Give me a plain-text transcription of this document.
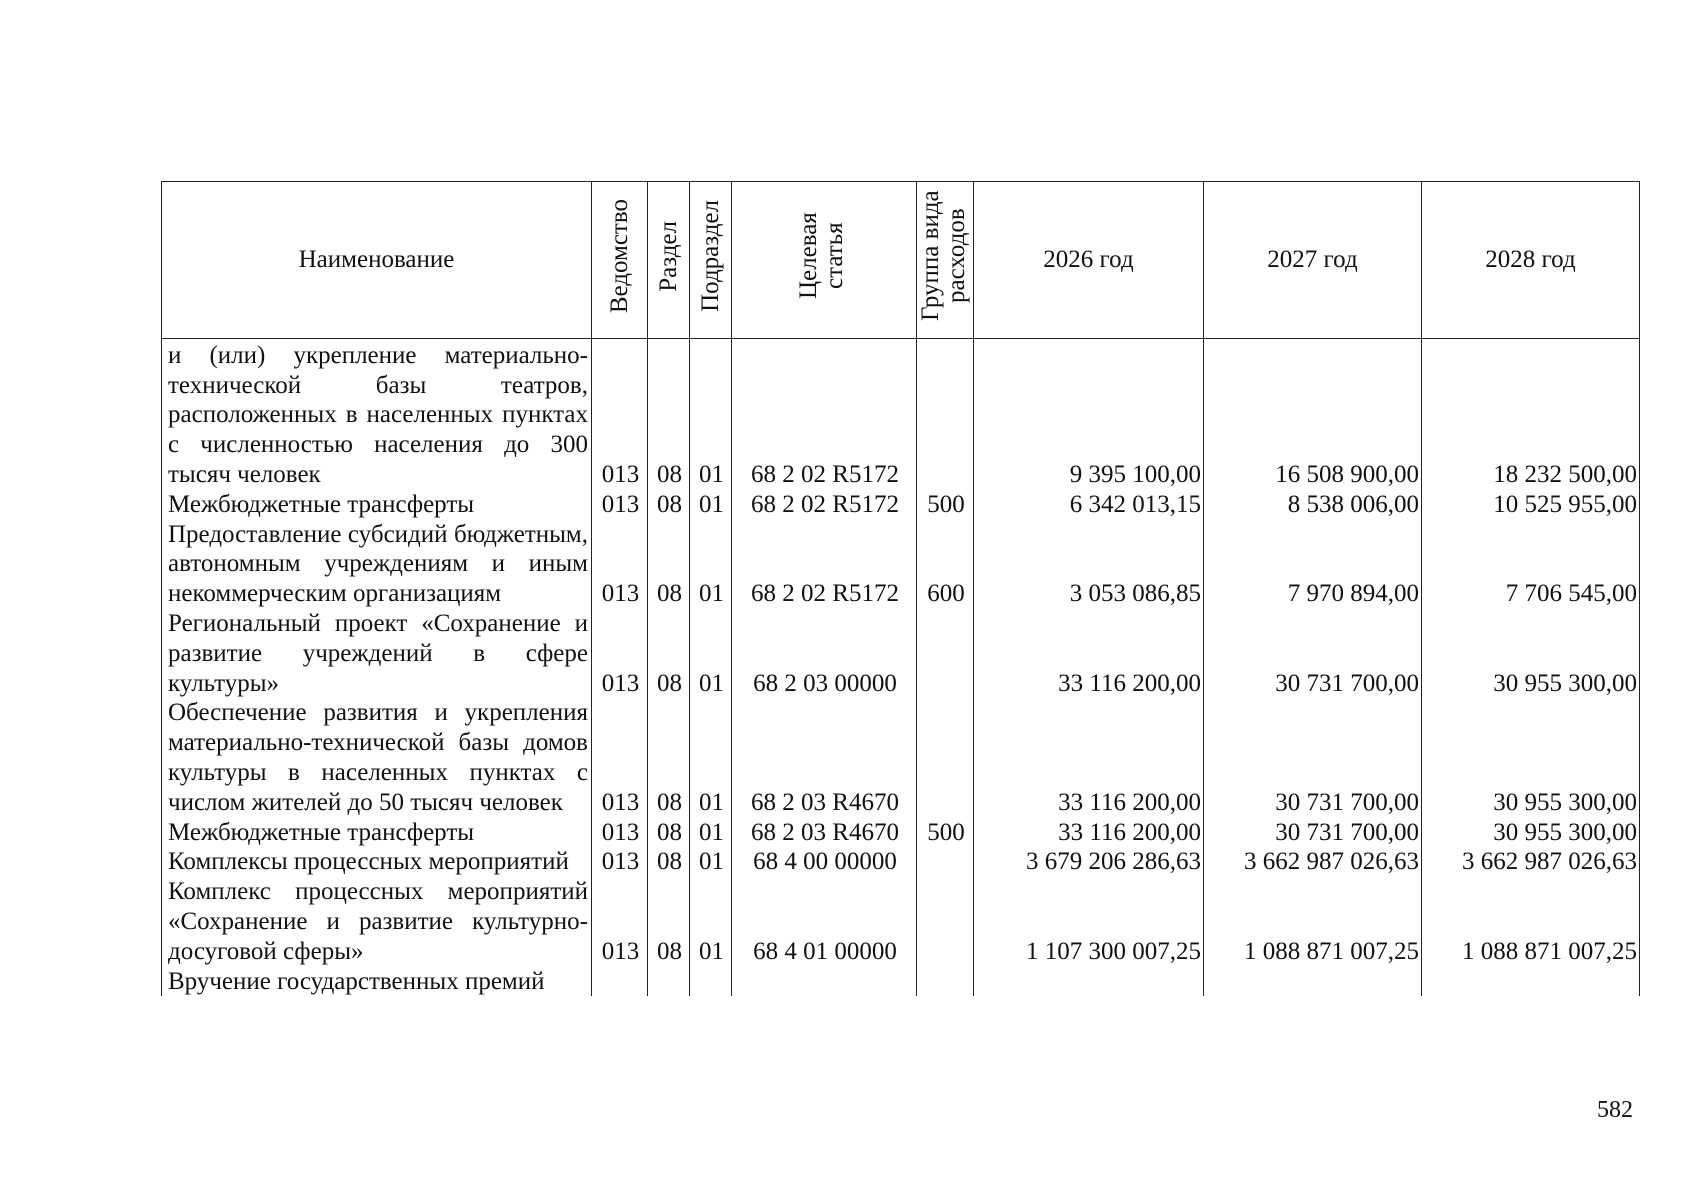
Наименование	Ведомство	Раздел	Подраздел	Целевая статья	Группа вида расходов	2026 год	2027 год	2028 год
и (или) укрепление материально-технической базы театров, расположенных в населенных пунктах с численностью населения до 300 тысяч человек	013	08	01	68 2 02 R5172		9 395 100,00	16 508 900,00	18 232 500,00
Межбюджетные трансферты	013	08	01	68 2 02 R5172	500	6 342 013,15	8 538 006,00	10 525 955,00
Предоставление субсидий бюджетным, автономным учреждениям и иным некоммерческим организациям	013	08	01	68 2 02 R5172	600	3 053 086,85	7 970 894,00	7 706 545,00
Региональный проект «Сохранение и развитие учреждений в сфере культуры»	013	08	01	68 2 03 00000		33 116 200,00	30 731 700,00	30 955 300,00
Обеспечение развития и укрепления материально-технической базы домов культуры в населенных пунктах с числом жителей до 50 тысяч человек	013	08	01	68 2 03 R4670		33 116 200,00	30 731 700,00	30 955 300,00
Межбюджетные трансферты	013	08	01	68 2 03 R4670	500	33 116 200,00	30 731 700,00	30 955 300,00
Комплексы процессных мероприятий	013	08	01	68 4 00 00000		3 679 206 286,63	3 662 987 026,63	3 662 987 026,63
Комплекс процессных мероприятий «Сохранение и развитие культурно-досуговой сферы»	013	08	01	68 4 01 00000		1 107 300 007,25	1 088 871 007,25	1 088 871 007,25
Вручение государственных премий								
582
